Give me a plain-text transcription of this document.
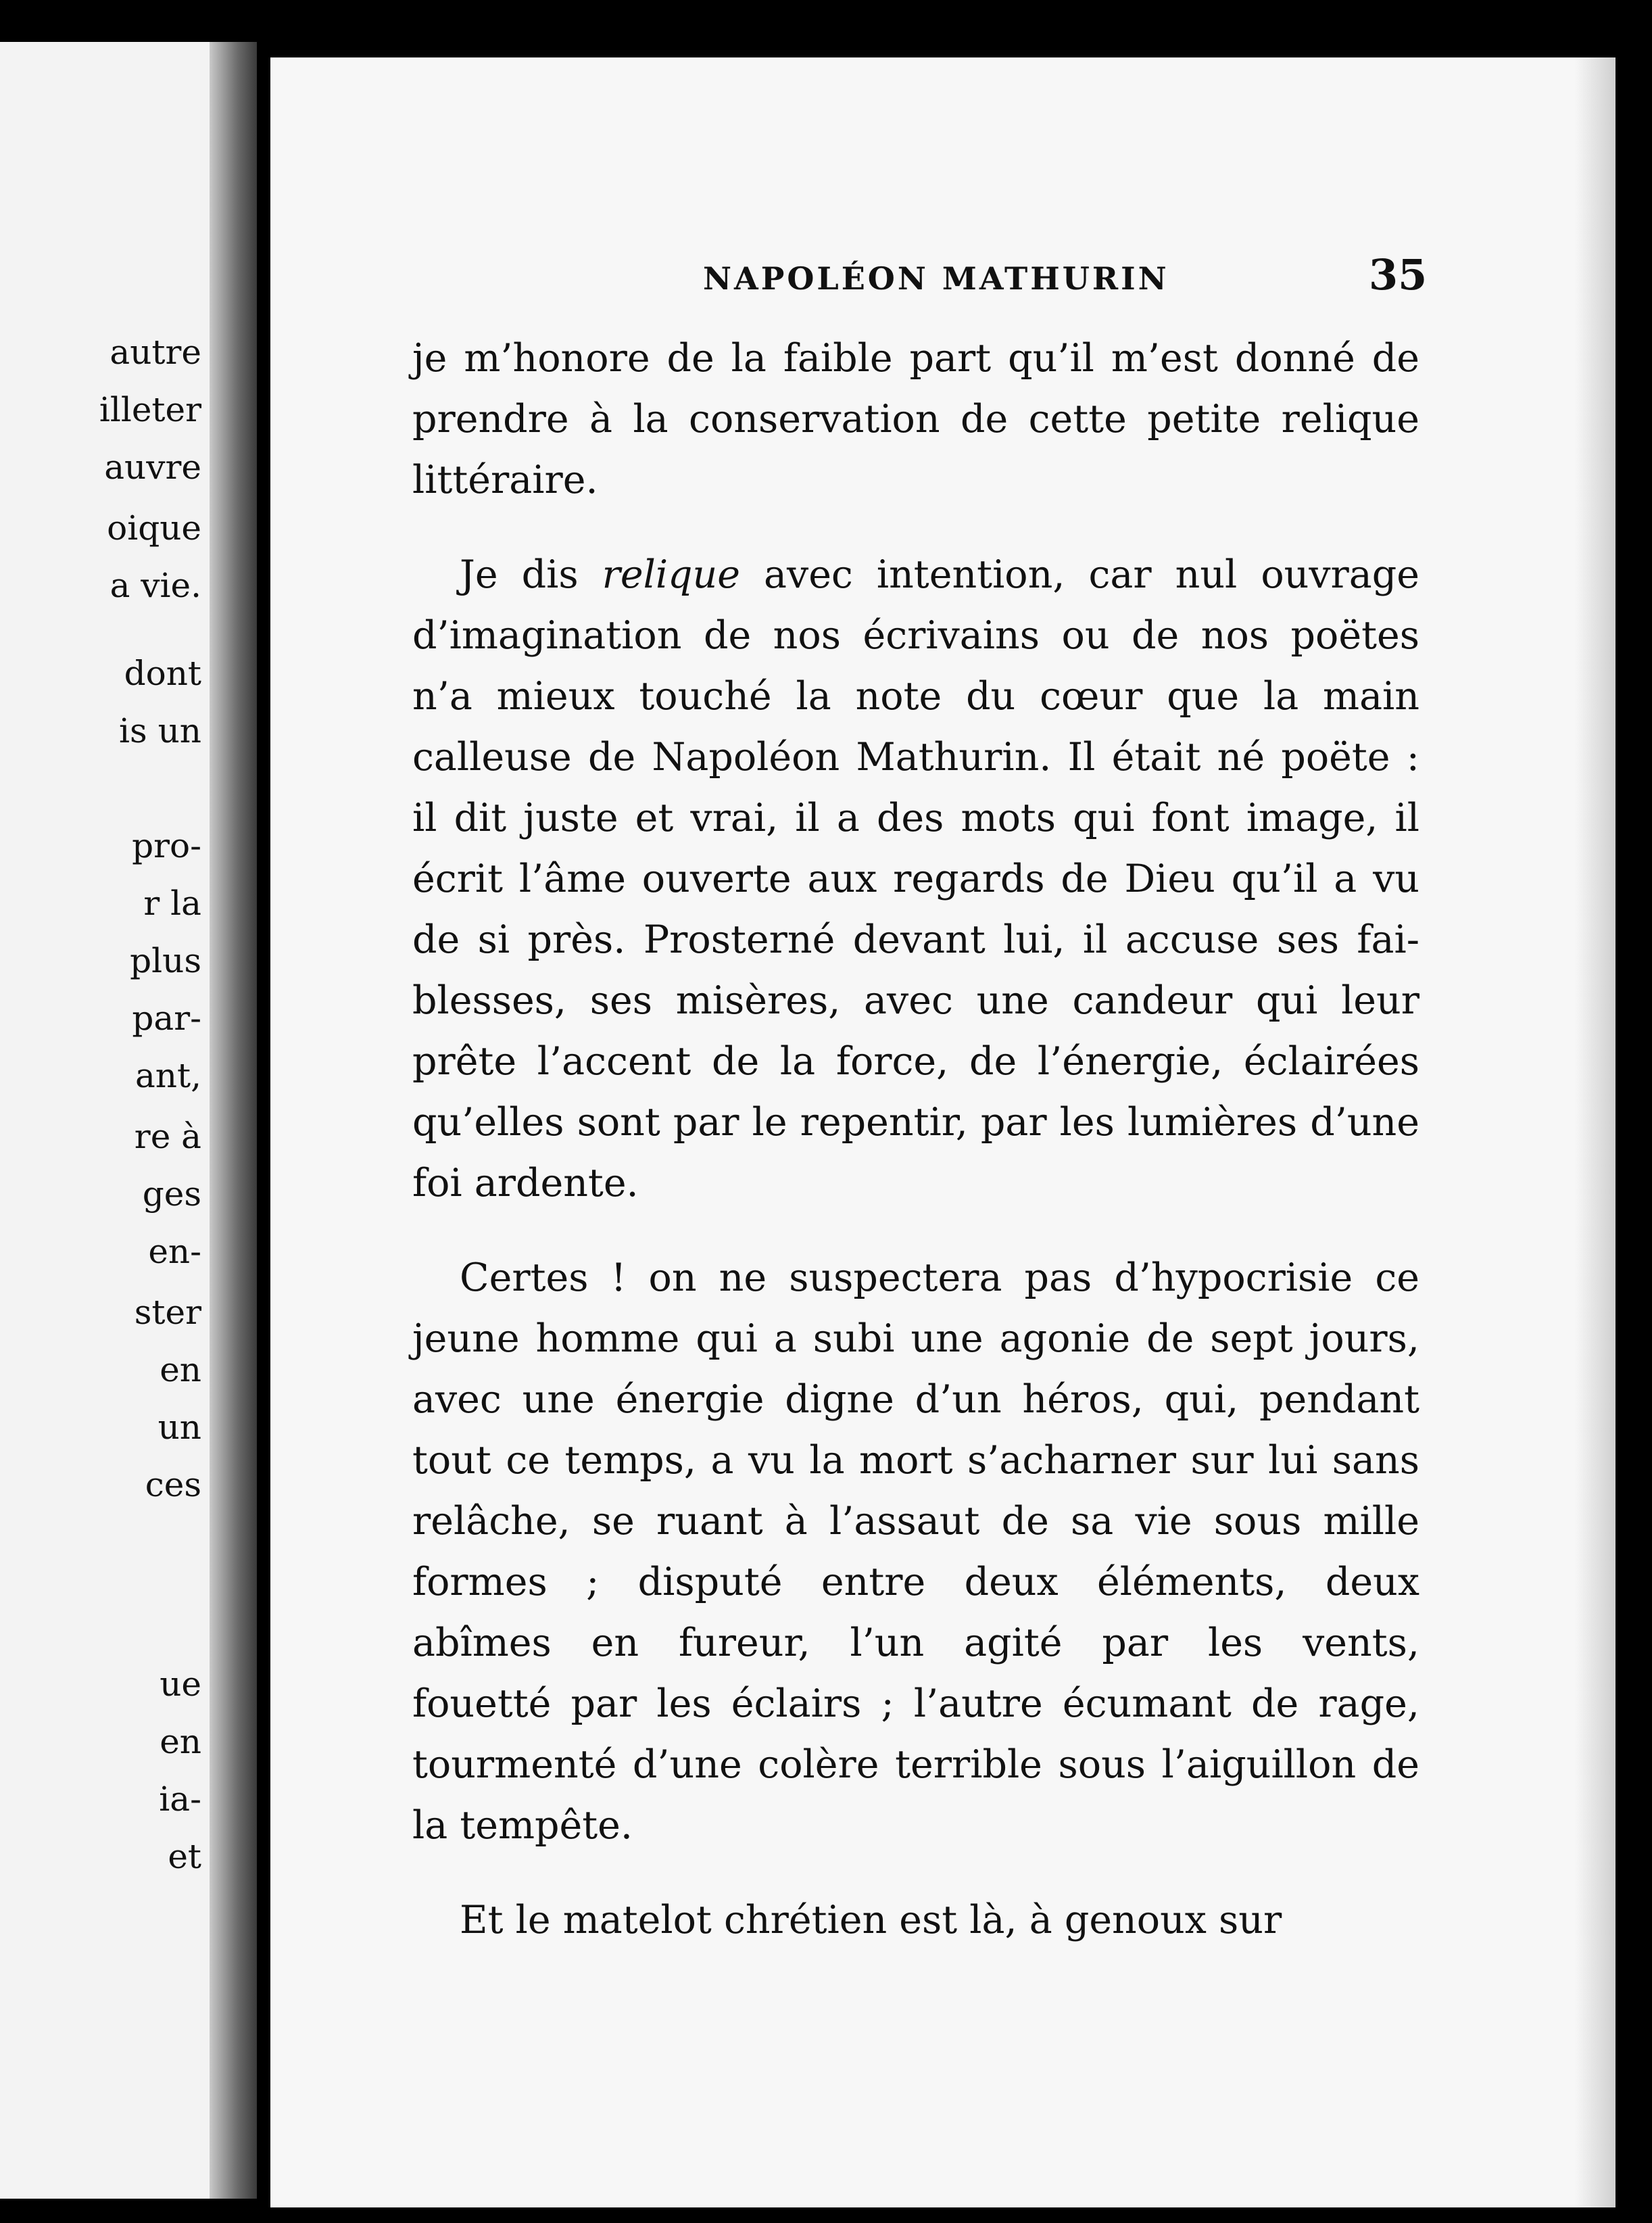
autre
illeter
auvre
oique
a vie.
dont
is un
pro-
r la
plus
par-
ant,
re à
ges
en-
ster
en
un
ces
ue
en
ia-
et
NAPOLÉON MATHURIN	35
je m’honore de la faible part qu’il m’est donné de
prendre à la conservation de cette petite relique
littéraire.
Je dis relique avec intention, car nul ouvrage
d’imagination de nos écrivains ou de nos poëtes
n’a mieux touché la note du cœur que la main
calleuse de Napoléon Mathurin. Il était né poëte :
il dit juste et vrai, il a des mots qui font image, il
écrit l’âme ouverte aux regards de Dieu qu’il a vu
de si près. Prosterné devant lui, il accuse ses fai-
blesses, ses misères, avec une candeur qui leur
prête l’accent de la force, de l’énergie, éclairées
qu’elles sont par le repentir, par les lumières d’une
foi ardente.
Certes ! on ne suspectera pas d’hypocrisie ce
jeune homme qui a subi une agonie de sept jours,
avec une énergie digne d’un héros, qui, pendant
tout ce temps, a vu la mort s’acharner sur lui sans
relâche, se ruant à l’assaut de sa vie sous mille
formes ; disputé entre deux éléments, deux
abîmes en fureur, l’un agité par les vents,
fouetté par les éclairs ; l’autre écumant de rage,
tourmenté d’une colère terrible sous l’aiguillon de
la tempête.
Et le matelot chrétien est là, à genoux sur
